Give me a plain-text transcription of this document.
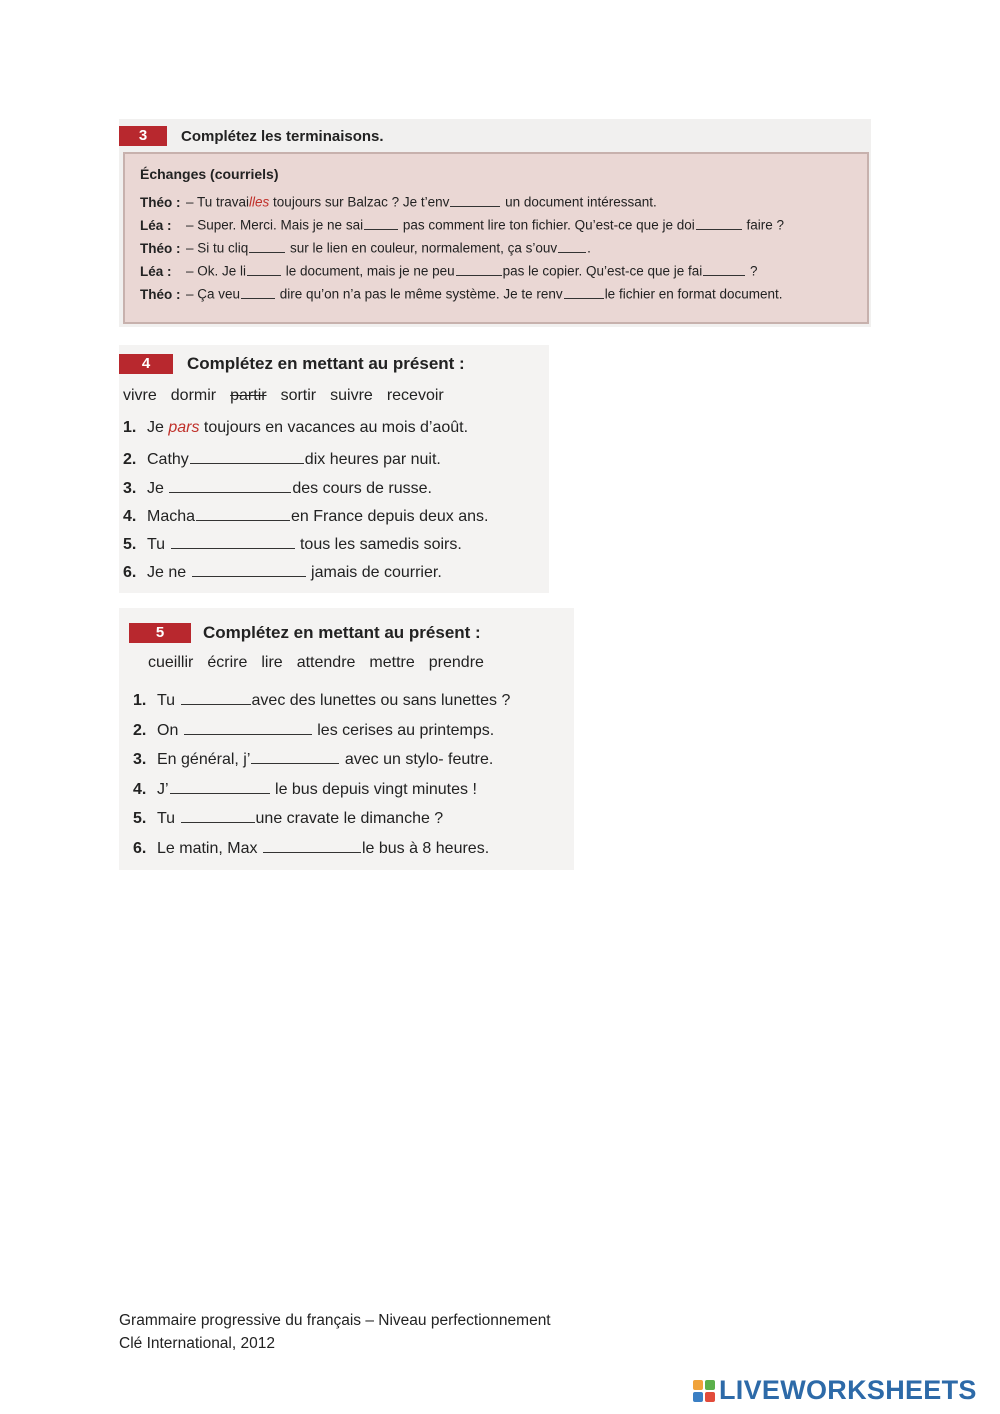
3	Complétez les terminaisons.
Échanges (courriels)
Théo : – Tu travailles toujours sur Balzac ? Je t’env	un document intéressant.
Léa : – Super. Merci. Mais je ne sai	pas comment lire ton fichier. Qu’est-ce que je doi	faire ?
Théo : – Si tu cliq	sur le lien en couleur, normalement, ça s’ouv .
Léa : – Ok. Je li	le document, mais je ne peu	pas le copier. Qu’est-ce que je fai	?
Théo : – Ça veu	dire qu’on n’a pas le même système. Je te renv	le fichier en format document.
4	Complétez en mettant au présent :
vivre dormir partir sortir suivre recevoir
1. Je pars toujours en vacances au mois d’août.
2. Cathy	dix heures par nuit.
3. Je	des cours de russe.
4. Macha	en France depuis deux ans.
5. Tu	tous les samedis soirs.
6. Je ne	jamais de courrier.
5	Complétez en mettant au présent :
cueillir écrire lire attendre mettre prendre
1. Tu	avec des lunettes ou sans lunettes ?
2. On	les cerises au printemps.
3. En général, j’	avec un stylo- feutre.
4. J’	le bus depuis vingt minutes !
5. Tu	une cravate le dimanche ?
6. Le matin, Max	le bus à 8 heures.
Grammaire progressive du français – Niveau perfectionnement
Clé International, 2012
LIVEWORKSHEETS
